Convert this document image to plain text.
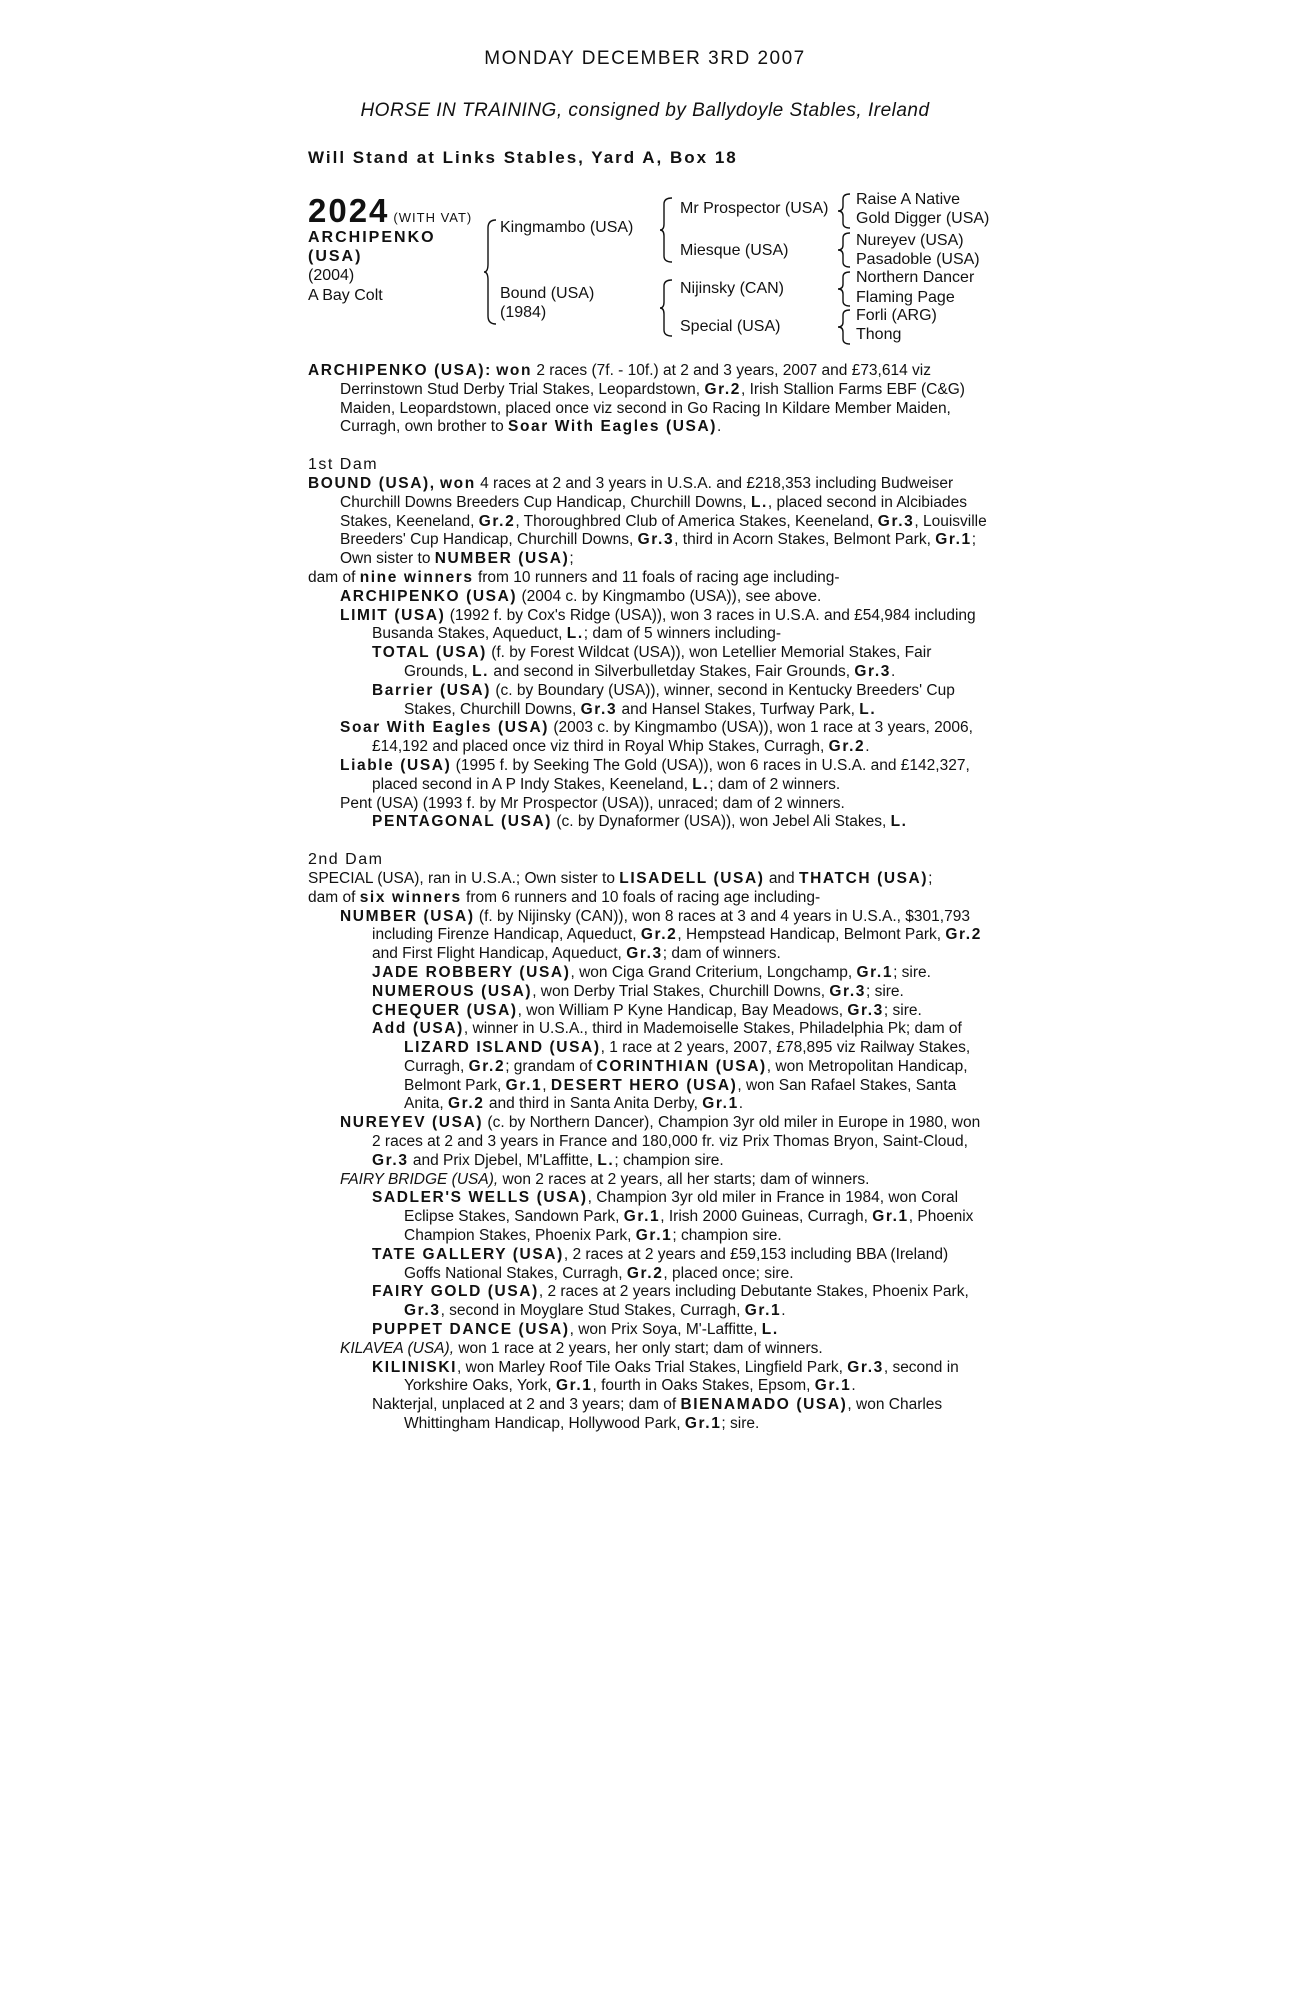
MONDAY DECEMBER 3RD 2007
HORSE IN TRAINING, consigned by Ballydoyle Stables, Ireland
Will Stand at Links Stables, Yard A, Box 18
2024 (WITH VAT)
ARCHIPENKO
(USA)
(2004)
A Bay Colt
Kingmambo (USA)
Bound (USA)
(1984)
Mr Prospector (USA)
Miesque (USA)
Nijinsky (CAN)
Special (USA)
Raise A Native
Gold Digger (USA)
Nureyev (USA)
Pasadoble (USA)
Northern Dancer
Flaming Page
Forli (ARG)
Thong

ARCHIPENKO (USA): won 2 races (7f. - 10f.) at 2 and 3 years, 2007 and £73,614 viz Derrinstown Stud Derby Trial Stakes, Leopardstown, Gr.2, Irish Stallion Farms EBF (C&G) Maiden, Leopardstown, placed once viz second in Go Racing In Kildare Member Maiden, Curragh, own brother to Soar With Eagles (USA).

1st Dam

BOUND (USA), won 4 races at 2 and 3 years in U.S.A. and £218,353 including Budweiser Churchill Downs Breeders Cup Handicap, Churchill Downs, L., placed second in Alcibiades Stakes, Keeneland, Gr.2, Thoroughbred Club of America Stakes, Keeneland, Gr.3, Louisville Breeders' Cup Handicap, Churchill Downs, Gr.3, third in Acorn Stakes, Belmont Park, Gr.1; Own sister to NUMBER (USA);

dam of nine winners from 10 runners and 11 foals of racing age including-

ARCHIPENKO (USA) (2004 c. by Kingmambo (USA)), see above.

LIMIT (USA) (1992 f. by Cox's Ridge (USA)), won 3 races in U.S.A. and £54,984 including Busanda Stakes, Aqueduct, L.; dam of 5 winners including-

TOTAL (USA) (f. by Forest Wildcat (USA)), won Letellier Memorial Stakes, Fair Grounds, L. and second in Silverbulletday Stakes, Fair Grounds, Gr.3.

Barrier (USA) (c. by Boundary (USA)), winner, second in Kentucky Breeders' Cup Stakes, Churchill Downs, Gr.3 and Hansel Stakes, Turfway Park, L.

Soar With Eagles (USA) (2003 c. by Kingmambo (USA)), won 1 race at 3 years, 2006, £14,192 and placed once viz third in Royal Whip Stakes, Curragh, Gr.2.

Liable (USA) (1995 f. by Seeking The Gold (USA)), won 6 races in U.S.A. and £142,327, placed second in A P Indy Stakes, Keeneland, L.; dam of 2 winners.

Pent (USA) (1993 f. by Mr Prospector (USA)), unraced; dam of 2 winners.

PENTAGONAL (USA) (c. by Dynaformer (USA)), won Jebel Ali Stakes, L.

2nd Dam

SPECIAL (USA), ran in U.S.A.; Own sister to LISADELL (USA) and THATCH (USA);

dam of six winners from 6 runners and 10 foals of racing age including-

NUMBER (USA) (f. by Nijinsky (CAN)), won 8 races at 3 and 4 years in U.S.A., $301,793 including Firenze Handicap, Aqueduct, Gr.2, Hempstead Handicap, Belmont Park, Gr.2 and First Flight Handicap, Aqueduct, Gr.3; dam of winners.

JADE ROBBERY (USA), won Ciga Grand Criterium, Longchamp, Gr.1; sire.

NUMEROUS (USA), won Derby Trial Stakes, Churchill Downs, Gr.3; sire.

CHEQUER (USA), won William P Kyne Handicap, Bay Meadows, Gr.3; sire.

Add (USA), winner in U.S.A., third in Mademoiselle Stakes, Philadelphia Pk; dam of LIZARD ISLAND (USA), 1 race at 2 years, 2007, £78,895 viz Railway Stakes, Curragh, Gr.2; grandam of CORINTHIAN (USA), won Metropolitan Handicap, Belmont Park, Gr.1, DESERT HERO (USA), won San Rafael Stakes, Santa Anita, Gr.2 and third in Santa Anita Derby, Gr.1.

NUREYEV (USA) (c. by Northern Dancer), Champion 3yr old miler in Europe in 1980, won 2 races at 2 and 3 years in France and 180,000 fr. viz Prix Thomas Bryon, Saint-Cloud, Gr.3 and Prix Djebel, M'Laffitte, L.; champion sire.

FAIRY BRIDGE (USA), won 2 races at 2 years, all her starts; dam of winners.

SADLER'S WELLS (USA), Champion 3yr old miler in France in 1984, won Coral Eclipse Stakes, Sandown Park, Gr.1, Irish 2000 Guineas, Curragh, Gr.1, Phoenix Champion Stakes, Phoenix Park, Gr.1; champion sire.

TATE GALLERY (USA), 2 races at 2 years and £59,153 including BBA (Ireland) Goffs National Stakes, Curragh, Gr.2, placed once; sire.

FAIRY GOLD (USA), 2 races at 2 years including Debutante Stakes, Phoenix Park, Gr.3, second in Moyglare Stud Stakes, Curragh, Gr.1.

PUPPET DANCE (USA), won Prix Soya, M'-Laffitte, L.

KILAVEA (USA), won 1 race at 2 years, her only start; dam of winners.

KILINISKI, won Marley Roof Tile Oaks Trial Stakes, Lingfield Park, Gr.3, second in Yorkshire Oaks, York, Gr.1, fourth in Oaks Stakes, Epsom, Gr.1.

Nakterjal, unplaced at 2 and 3 years; dam of BIENAMADO (USA), won Charles Whittingham Handicap, Hollywood Park, Gr.1; sire.
